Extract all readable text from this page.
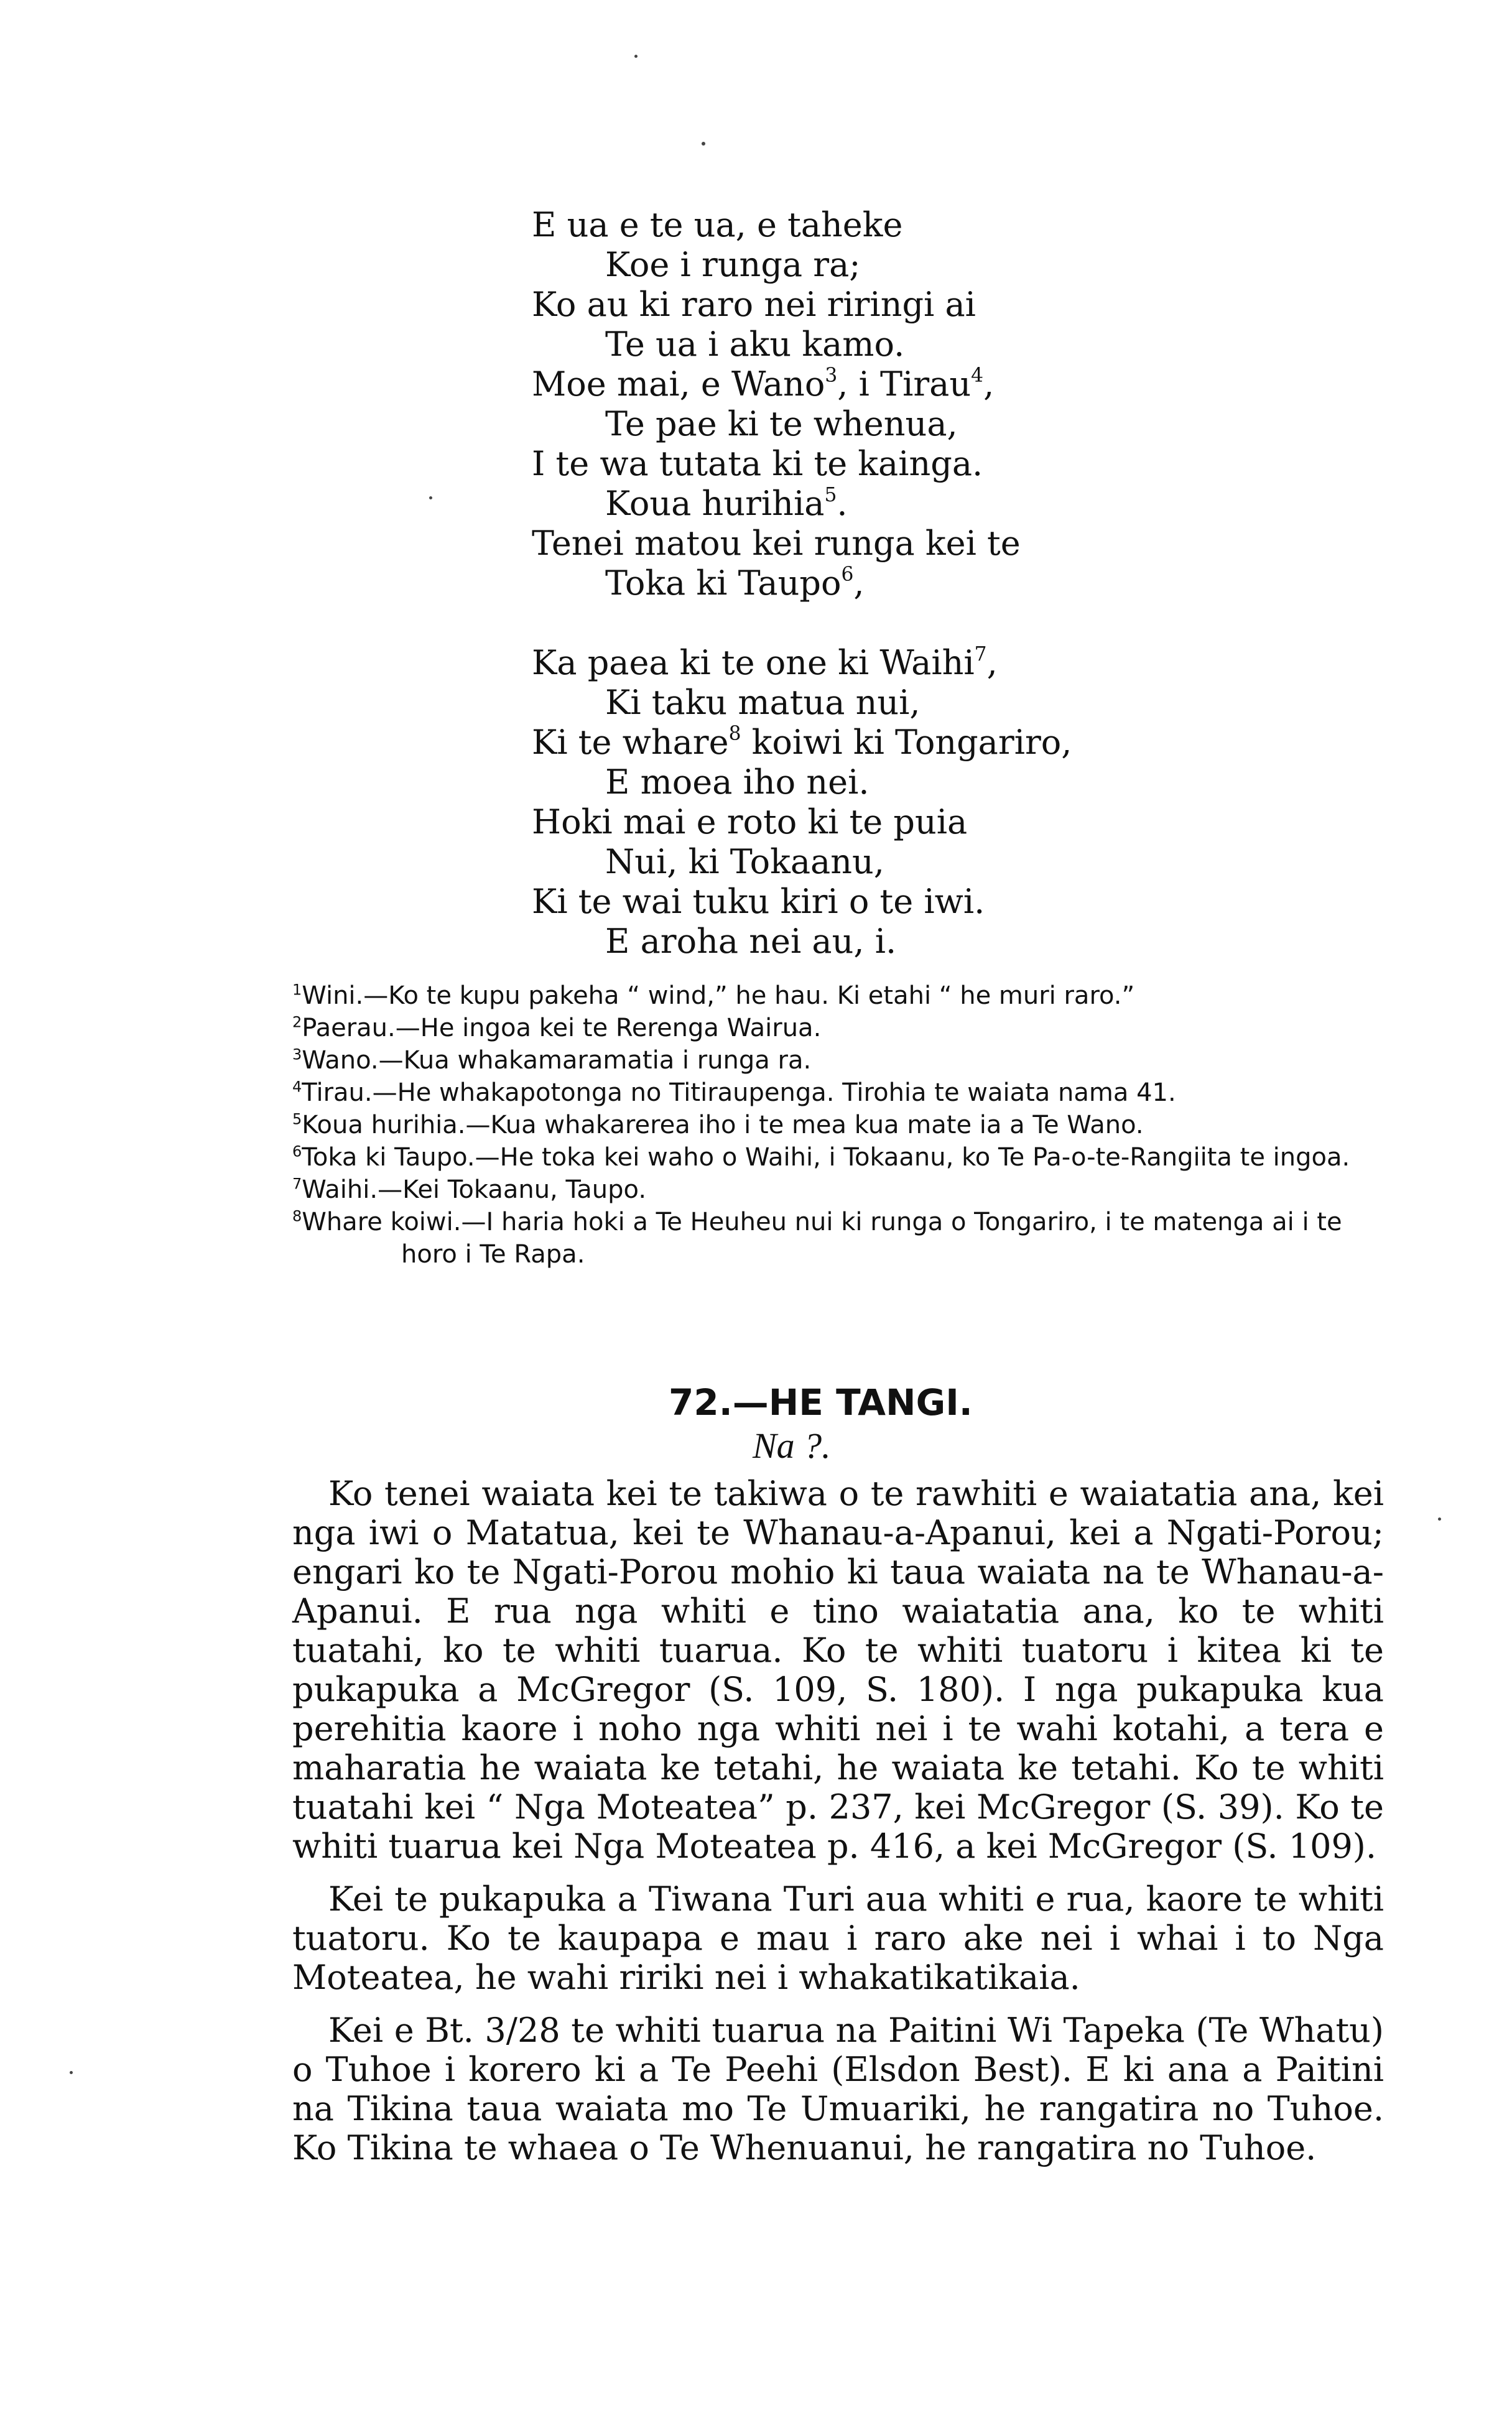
E ua e te ua, e taheke
Koe i runga ra;
Ko au ki raro nei riringi ai
Te ua i aku kamo.
Moe mai, e Wano$^3$, i Tirau$^4$,
Te pae ki te whenua,
I te wa tutata ki te kainga.
Koua hurihia$^5$.
Tenei matou kei runga kei te
Toka ki Taupo$^6$,
Ka paea ki te one ki Waihi$^7$,
Ki taku matua nui,
Ki te whare$^8$ koiwi ki Tongariro,
E moea iho nei.
Hoki mai e roto ki te puia
Nui, ki Tokaanu,
Ki te wai tuku kiri o te iwi.
E aroha nei au, i.
$^1$Wini.—Ko te kupu pakeha “ wind,” he hau. Ki etahi “ he muri raro.”
$^2$Paerau.—He ingoa kei te Rerenga Wairua.
$^3$Wano.—Kua whakamaramatia i runga ra.
$^4$Tirau.—He whakapotonga no Titiraupenga. Tirohia te waiata nama 41.
$^5$Koua hurihia.—Kua whakarerea iho i te mea kua mate ia a Te Wano.
$^6$Toka ki Taupo.—He toka kei waho o Waihi, i Tokaanu, ko Te Pa-o-te-Rangiita te ingoa.
$^7$Waihi.—Kei Tokaanu, Taupo.
$^8$Whare koiwi.—I haria hoki a Te Heuheu nui ki runga o Tongariro, i te matenga ai i te horo i Te Rapa.
72.—HE TANGI.
Na ?.

Ko tenei waiata kei te takiwa o te rawhiti e waiatatia ana, kei nga iwi o Matatua, kei te Whanau-a-Apanui, kei a Ngati-Porou; engari ko te Ngati-Porou mohio ki taua waiata na te Whanau-a-Apanui. E rua nga whiti e tino waiatatia ana, ko te whiti tuatahi, ko te whiti tuarua. Ko te whiti tuatoru i kitea ki te pukapuka a McGregor (S. 109, S. 180). I nga pukapuka kua perehitia kaore i noho nga whiti nei i te wahi kotahi, a tera e maharatia he waiata ke tetahi, he waiata ke tetahi. Ko te whiti tuatahi kei “ Nga Moteatea” p. 237, kei McGregor (S. 39). Ko te whiti tuarua kei Nga Moteatea p. 416, a kei McGregor (S. 109).

Kei te pukapuka a Tiwana Turi aua whiti e rua, kaore te whiti tuatoru. Ko te kaupapa e mau i raro ake nei i whai i to Nga Moteatea, he wahi ririki nei i whakatikatikaia.

Kei e Bt. 3/28 te whiti tuarua na Paitini Wi Tapeka (Te Whatu) o Tuhoe i korero ki a Te Peehi (Elsdon Best). E ki ana a Paitini na Tikina taua waiata mo Te Umuariki, he rangatira no Tuhoe. Ko Tikina te whaea o Te Whenuanui, he rangatira no Tuhoe.
